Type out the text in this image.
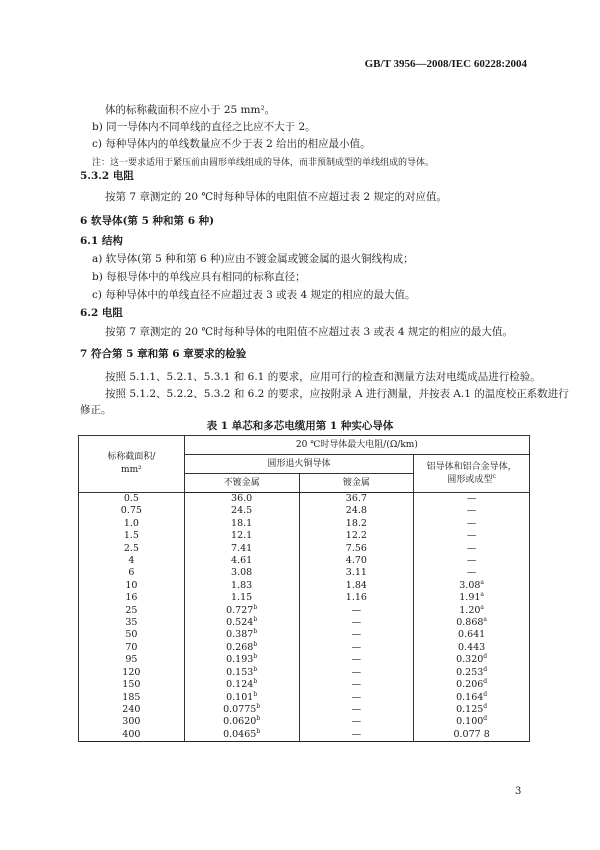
GB/T 3956—2008/IEC 60228:2004
体的标称截面积不应小于 25 mm²。
b) 同一导体内不同单线的直径之比应不大于 2。
c) 每种导体内的单线数量应不少于表 2 给出的相应最小值。
注：这一要求适用于紧压前由圆形单线组成的导体，而非预制成型的单线组成的导体。
5.3.2 电阻
按第 7 章测定的 20 ℃时每种导体的电阻值不应超过表 2 规定的对应值。
6 软导体(第 5 种和第 6 种)
6.1 结构
a) 软导体(第 5 种和第 6 种)应由不镀金属或镀金属的退火铜线构成；
b) 每根导体中的单线应具有相同的标称直径；
c) 每种导体中的单线直径不应超过表 3 或表 4 规定的相应的最大值。
6.2 电阻
按第 7 章测定的 20 ℃时每种导体的电阻值不应超过表 3 或表 4 规定的相应的最大值。
7 符合第 5 章和第 6 章要求的检验
按照 5.1.1、5.2.1、5.3.1 和 6.1 的要求，应用可行的检查和测量方法对电缆成品进行检验。
按照 5.1.2、5.2.2、5.3.2 和 6.2 的要求，应按附录 A 进行测量，并按表 A.1 的温度校正系数进行
修正。
表 1 单芯和多芯电缆用第 1 种实心导体
标称截面积/
mm²	20 ℃时导体最大电阻/(Ω/km)		
	圆形退火铜导体		铝导体和铝合金导体，
圆形或成型$^c$
	不镀金属	镀金属	
0.5	36.0	36.7	—
0.75	24.5	24.8	—
1.0	18.1	18.2	—
1.5	12.1	12.2	—
2.5	7.41	7.56	—
4	4.61	4.70	—
6	3.08	3.11	—
10	1.83	1.84	3.08$^a$
16	1.15	1.16	1.91$^a$
25	0.727$^b$	—	1.20$^a$
35	0.524$^b$	—	0.868$^a$
50	0.387$^b$	—	0.641
70	0.268$^b$	—	0.443
95	0.193$^b$	—	0.320$^d$
120	0.153$^b$	—	0.253$^d$
150	0.124$^b$	—	0.206$^d$
185	0.101$^b$	—	0.164$^d$
240	0.0775$^b$	—	0.125$^d$
300	0.0620$^b$	—	0.100$^d$
400	0.0465$^b$	—	0.077 8
3
